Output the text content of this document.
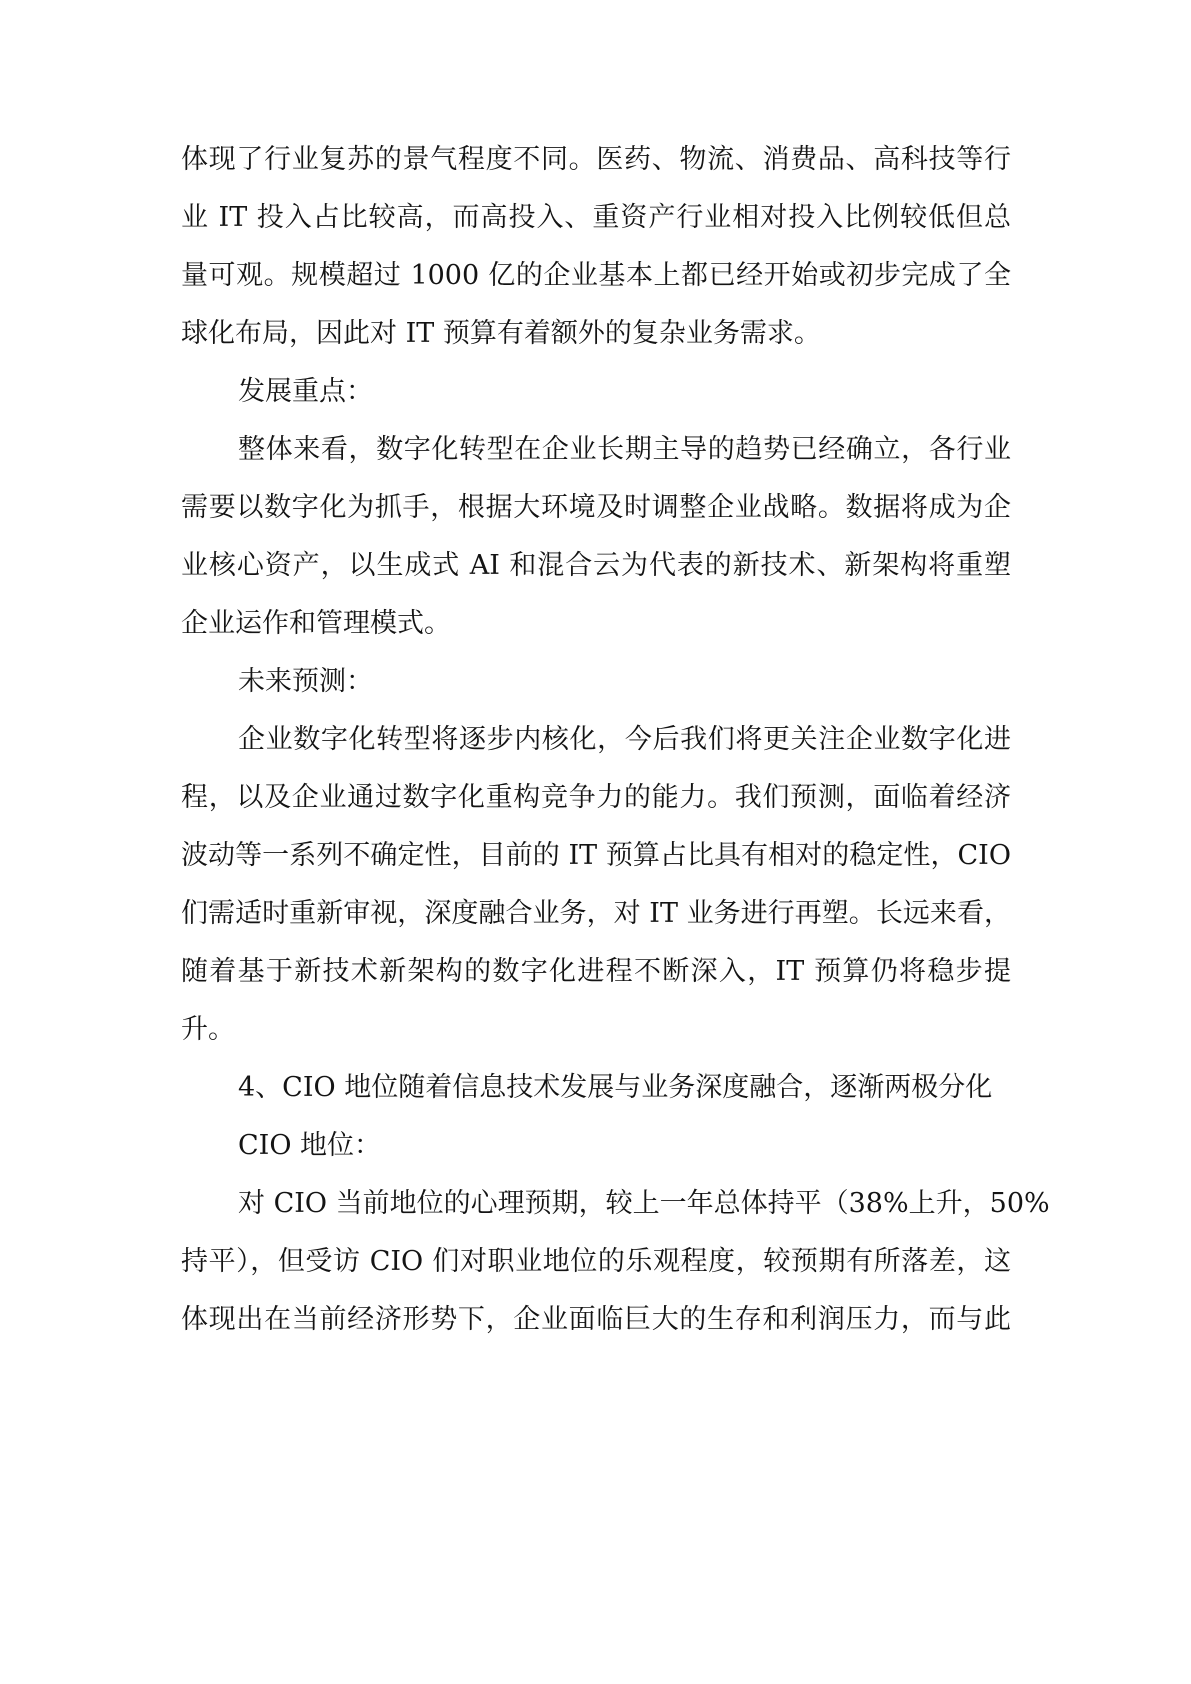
体现了行业复苏的景气程度不同。医药、物流、消费品、高科技等行
业 IT 投入占比较高，而高投入、重资产行业相对投入比例较低但总
量可观。规模超过 1000 亿的企业基本上都已经开始或初步完成了全
球化布局，因此对 IT 预算有着额外的复杂业务需求。
发展重点：
整体来看，数字化转型在企业长期主导的趋势已经确立，各行业
需要以数字化为抓手，根据大环境及时调整企业战略。数据将成为企
业核心资产，以生成式 AI 和混合云为代表的新技术、新架构将重塑
企业运作和管理模式。
未来预测：
企业数字化转型将逐步内核化，今后我们将更关注企业数字化进
程，以及企业通过数字化重构竞争力的能力。我们预测，面临着经济
波动等一系列不确定性，目前的 IT 预算占比具有相对的稳定性，CIO
们需适时重新审视，深度融合业务，对 IT 业务进行再塑。长远来看，
随着基于新技术新架构的数字化进程不断深入，IT 预算仍将稳步提
升。
4、CIO 地位随着信息技术发展与业务深度融合，逐渐两极分化
CIO 地位：
对 CIO 当前地位的心理预期，较上一年总体持平（38%上升，50%
持平），但受访 CIO 们对职业地位的乐观程度，较预期有所落差，这
体现出在当前经济形势下，企业面临巨大的生存和利润压力，而与此
